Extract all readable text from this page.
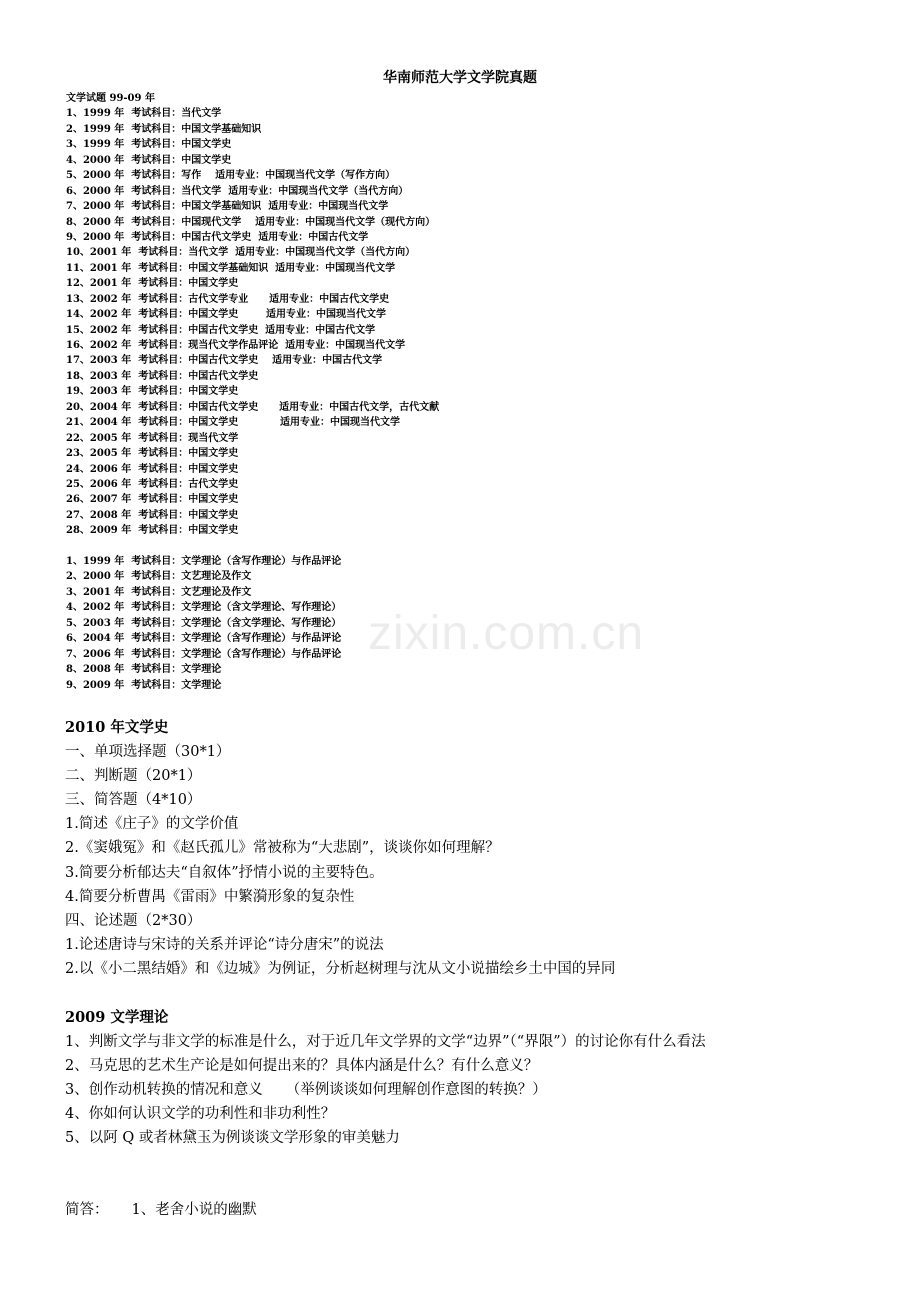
华南师范大学文学院真题
文学试题 99-09 年
1、1999 年  考试科目：当代文学
2、1999 年  考试科目：中国文学基础知识
3、1999 年  考试科目：中国文学史
4、2000 年  考试科目：中国文学史
5、2000 年  考试科目：写作    适用专业：中国现当代文学（写作方向）
6、2000 年  考试科目：当代文学  适用专业：中国现当代文学（当代方向）
7、2000 年  考试科目：中国文学基础知识  适用专业：中国现当代文学
8、2000 年  考试科目：中国现代文学    适用专业：中国现当代文学（现代方向）
9、2000 年  考试科目：中国古代文学史  适用专业：中国古代文学
10、2001 年  考试科目：当代文学  适用专业：中国现当代文学（当代方向）
11、2001 年  考试科目：中国文学基础知识  适用专业：中国现当代文学
12、2001 年  考试科目：中国文学史
13、2002 年  考试科目：古代文学专业      适用专业：中国古代文学史
14、2002 年  考试科目：中国文学史        适用专业：中国现当代文学
15、2002 年  考试科目：中国古代文学史  适用专业：中国古代文学
16、2002 年  考试科目：现当代文学作品评论  适用专业：中国现当代文学
17、2003 年  考试科目：中国古代文学史    适用专业：中国古代文学
18、2003 年  考试科目：中国古代文学史
19、2003 年  考试科目：中国文学史
20、2004 年  考试科目：中国古代文学史      适用专业：中国古代文学，古代文献
21、2004 年  考试科目：中国文学史            适用专业：中国现当代文学
22、2005 年  考试科目：现当代文学
23、2005 年  考试科目：中国文学史
24、2006 年  考试科目：中国文学史
25、2006 年  考试科目：古代文学史
26、2007 年  考试科目：中国文学史
27、2008 年  考试科目：中国文学史
28、2009 年  考试科目：中国文学史
1、1999 年  考试科目：文学理论（含写作理论）与作品评论
2、2000 年  考试科目：文艺理论及作文
3、2001 年  考试科目：文艺理论及作文
4、2002 年  考试科目：文学理论（含文学理论、写作理论）
5、2003 年  考试科目：文学理论（含文学理论、写作理论）
6、2004 年  考试科目：文学理论（含写作理论）与作品评论
7、2006 年  考试科目：文学理论（含写作理论）与作品评论
8、2008 年  考试科目：文学理论
9、2009 年  考试科目：文学理论
zixin.com.cn
2010 年文学史
一、单项选择题（30*1）
二、判断题（20*1）
三、简答题（4*10）
1.简述《庄子》的文学价值
2.《窦娥冤》和《赵氏孤儿》常被称为“大悲剧”，谈谈你如何理解？
3.简要分析郁达夫“自叙体”抒情小说的主要特色。
4.简要分析曹禺《雷雨》中繁漪形象的复杂性
四、论述题（2*30）
1.论述唐诗与宋诗的关系并评论“诗分唐宋”的说法
2.以《小二黑结婚》和《边城》为例证，分析赵树理与沈从文小说描绘乡土中国的异同
2009 文学理论
1、判断文学与非文学的标准是什么，对于近几年文学界的文学“边界”（“界限”）的讨论你有什么看法
2、马克思的艺术生产论是如何提出来的？具体内涵是什么？有什么意义？
3、创作动机转换的情况和意义     （举例谈谈如何理解创作意图的转换？）
4、你如何认识文学的功利性和非功利性？
5、以阿 Q 或者林黛玉为例谈谈文学形象的审美魅力

简答：     1、老舍小说的幽默
